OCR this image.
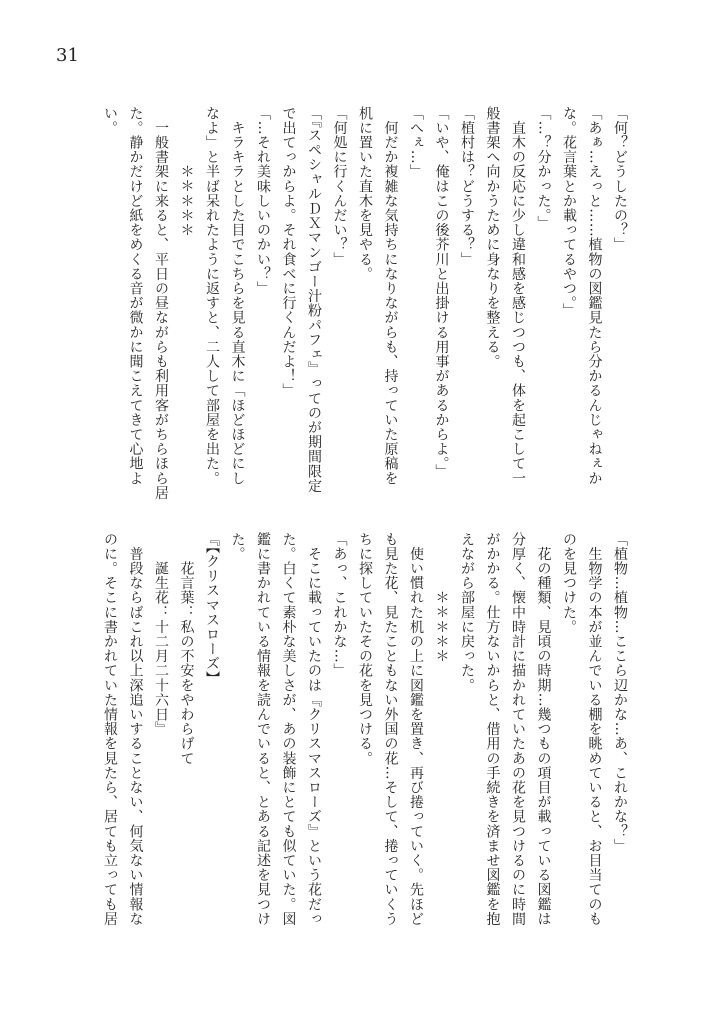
31
「何？どうしたの？」
「あぁ…えっと……植物の図鑑見たら分かるんじゃねぇか
な。花言葉とか載ってるやつ。」
「…？分かった。」
　直木の反応に少し違和感を感じつつも、体を起こして一
般書架へ向かうために身なりを整える。
「植村は？どうする？」
「いや、俺はこの後芥川と出掛ける用事があるからよ。」
「へぇ…」
　何だか複雑な気持ちになりながらも、持っていた原稿を
机に置いた直木を見やる。
「何処に行くんだい？」
「『スペシャルＤＸマンゴー汁粉パフェ』ってのが期間限定
で出てっからよ。それ食べに行くんだよ！」
「…それ美味しいのかい？」
　キラキラとした目でこちらを見る直木に「ほどほどにし
なよ」と半ば呆れたように返すと、二人して部屋を出た。
　　　　＊＊＊＊＊
　一般書架に来ると、平日の昼ながらも利用客がちらほら居
た。静かだけど紙をめくる音が微かに聞こえてきて心地よ
い。
「植物…植物…ここら辺かな…あ、これかな？」
　生物学の本が並んでいる棚を眺めていると、お目当てのも
のを見つけた。
　花の種類、見頃の時期…幾つもの項目が載っている図鑑は
分厚く、懐中時計に描かれていたあの花を見つけるのに時間
がかかる。仕方ないからと、借用の手続きを済ませ図鑑を抱
えながら部屋に戻った。
　　　　＊＊＊＊＊
　使い慣れた机の上に図鑑を置き、再び捲っていく。先ほど
も見た花、見たこともない外国の花…そして、捲っていくう
ちに探していたその花を見つける。
「あっ、これかな…」
　そこに載っていたのは『クリスマスローズ』という花だっ
た。白くて素朴な美しさが、あの装飾にとても似ていた。図
鑑に書かれている情報を読んでいると、とある記述を見つけ
た。
『【クリスマスローズ】
　　花言葉：私の不安をやわらげて
　　誕生花：十二月二十六日』
　普段ならばこれ以上深追いすることない、何気ない情報な
のに。そこに書かれていた情報を見たら、居ても立っても居
